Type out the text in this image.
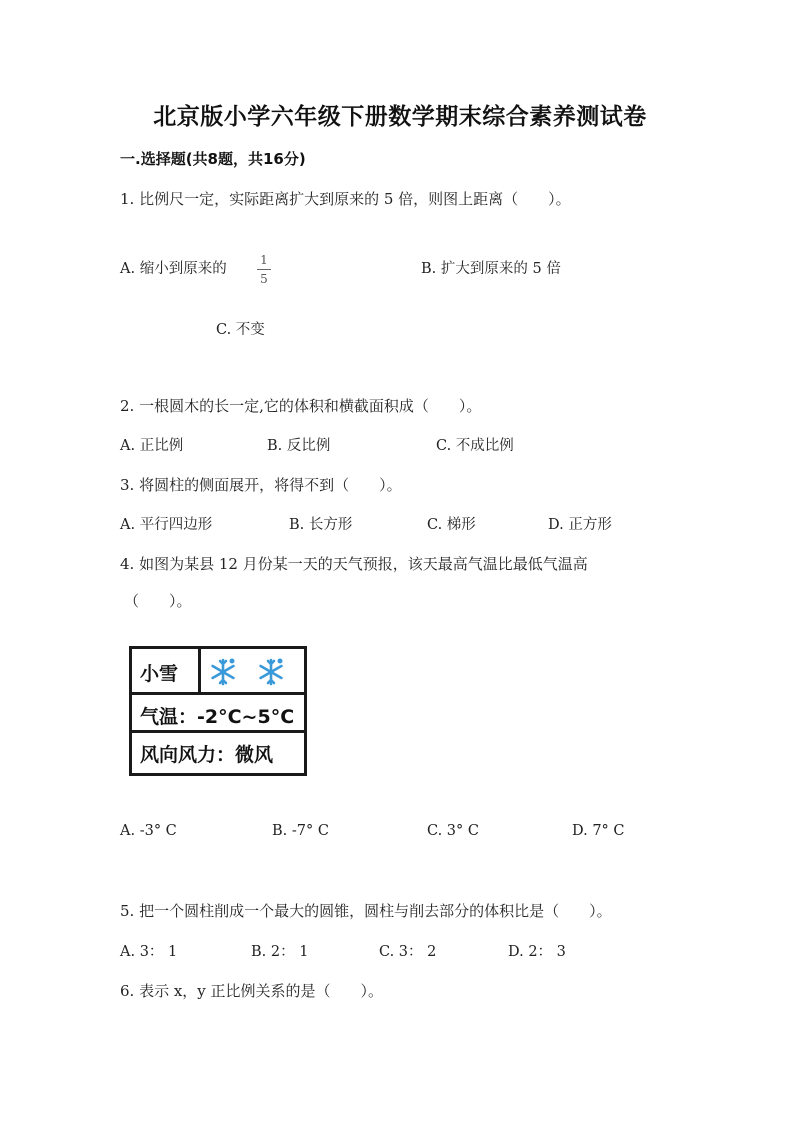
北京版小学六年级下册数学期末综合素养测试卷
一.选择题(共8题，共16分)
1. 比例尺一定，实际距离扩大到原来的 5 倍，则图上距离（　　）。
A. 缩小到原来的
1
5
B. 扩大到原来的 5 倍
C. 不变
2. 一根圆木的长一定,它的体积和横截面积成（　　）。
A. 正比例	B. 反比例	C. 不成比例
3. 将圆柱的侧面展开，将得不到（　　）。
A. 平行四边形	B. 长方形	C. 梯形	D. 正方形
4. 如图为某县 12 月份某一天的天气预报，该天最高气温比最低气温高
（　　）。
小雪
气温：-2°C~5°C
风向风力：微风
A. -3° C	B. -7° C	C. 3° C	D. 7° C
5. 把一个圆柱削成一个最大的圆锥，圆柱与削去部分的体积比是（　　）。
A. 3： 1	B. 2： 1	C. 3： 2	D. 2： 3
6. 表示 x，y 正比例关系的是（　　）。
